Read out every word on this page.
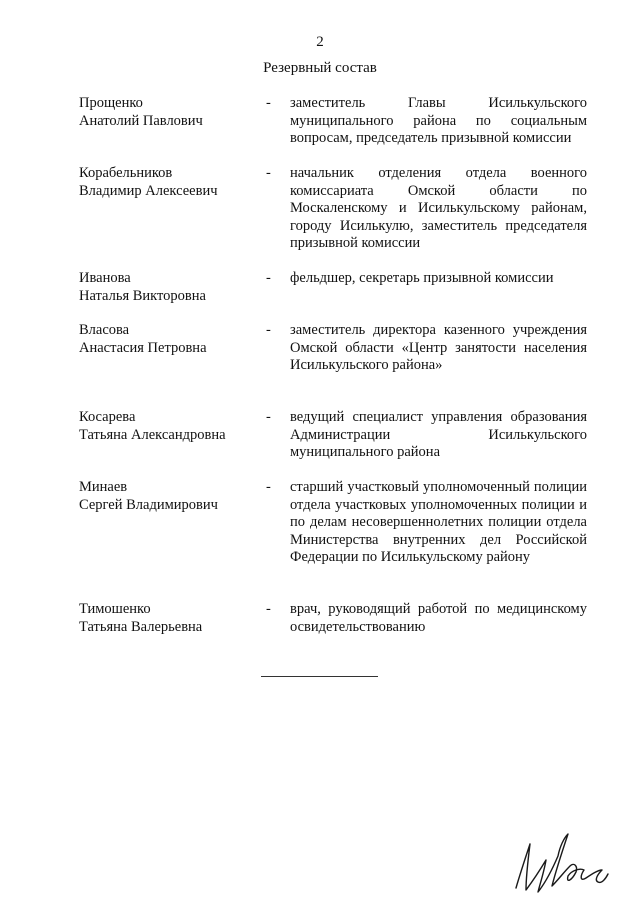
2
Резервный состав
Прощенко
Анатолий Павлович
- заместитель Главы Исилькульского муниципального района по социальным вопросам, председатель призывной комиссии
Корабельников
Владимир Алексеевич
- начальник отделения отдела военного комиссариата Омской области по Москаленскому и Исилькульскому районам, городу Исилькулю, заместитель председателя призывной комиссии
Иванова
Наталья Викторовна
- фельдшер, секретарь призывной комиссии
Власова
Анастасия Петровна
- заместитель директора казенного учреждения Омской области «Центр занятости населения Исилькульского района»
Косарева
Татьяна Александровна
- ведущий специалист управления образования Администрации Исилькульского муниципального района
Минаев
Сергей Владимирович
- старший участковый уполномоченный полиции отдела участковых уполномоченных полиции и по делам несовершеннолетних полиции отдела Министерства внутренних дел Российской Федерации по Исилькульскому району
Тимошенко
Татьяна Валерьевна
- врач, руководящий работой по медицинскому освидетельствованию
